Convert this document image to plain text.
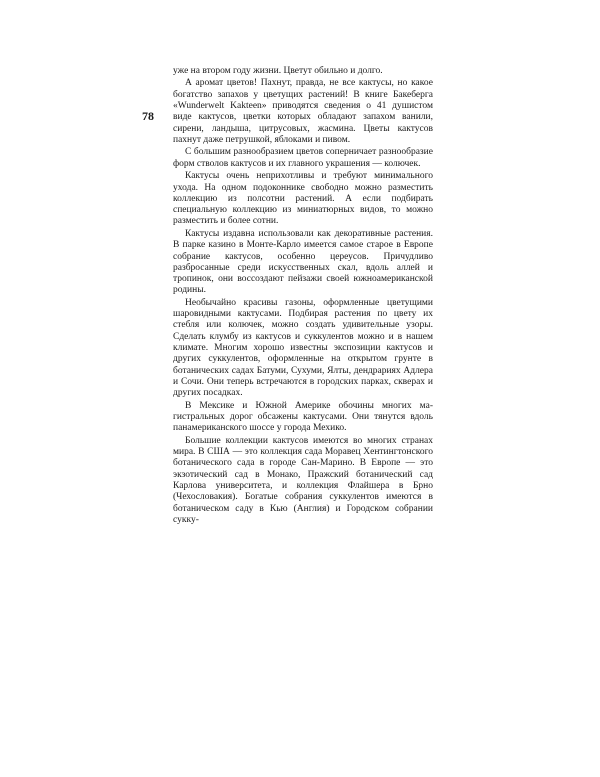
78

уже на втором году жизни. Цветут обильно и долго.

А аромат цветов! Пахнут, правда, не все кактусы, но какое богатство запахов у цветущих растений! В книге Бакеберга «Wunderwelt Kakteen» приводятся сведения о 41 душистом виде кактусов, цветки которых обладают запахом ванили, сирени, ландыша, цитрусовых, жасмина. Цветы кактусов пахнут даже петрушкой, яблоками и пивом.

С большим разнообразием цветов соперничает разнообразие форм стволов кактусов и их главного украшения — колючек.

Кактусы очень неприхотливы и требуют минимального ухода. На одном подоконнике свободно можно разместить коллекцию из полсотни растений. А если подбирать специальную коллекцию из миниатюрных видов, то можно разместить и более сотни.

Кактусы издавна использовали как декоративные растения. В парке казино в Монте-Карло имеется самое старое в Европе собрание кактусов, особенно цереусов. Причудливо разбросанные среди искусственных скал, вдоль аллей и тропинок, они воссоздают пейзажи своей южноамериканской родины.

Необычайно красивы газоны, оформленные цветущими шаровидными кактусами. Подбирая растения по цвету их стебля или колючек, можно создать удивительные узоры. Сделать клумбу из кактусов и суккулентов можно и в нашем климате. Многим хорошо известны экспозиции кактусов и других суккулентов, оформленные на открытом грунте в ботанических садах Батуми, Сухуми, Ялты, дендрариях Адлера и Сочи. Они теперь встречаются в городских парках, скверах и других посадках.

В Мексике и Южной Америке обочины многих магистральных дорог обсажены кактусами. Они тянутся вдоль панамериканского шоссе у города Мехико.

Большие коллекции кактусов имеются во многих странах мира. В США — это коллекция сада Моравец Хентингтонского ботанического сада в городе Сан-Марино. В Европе — это экзотический сад в Монако, Пражский ботанический сад Карлова университета, и коллекция Флайшера в Брно (Чехословакия). Богатые собрания суккулентов имеются в ботаническом саду в Кью (Англия) и Городском собрании сукку-
